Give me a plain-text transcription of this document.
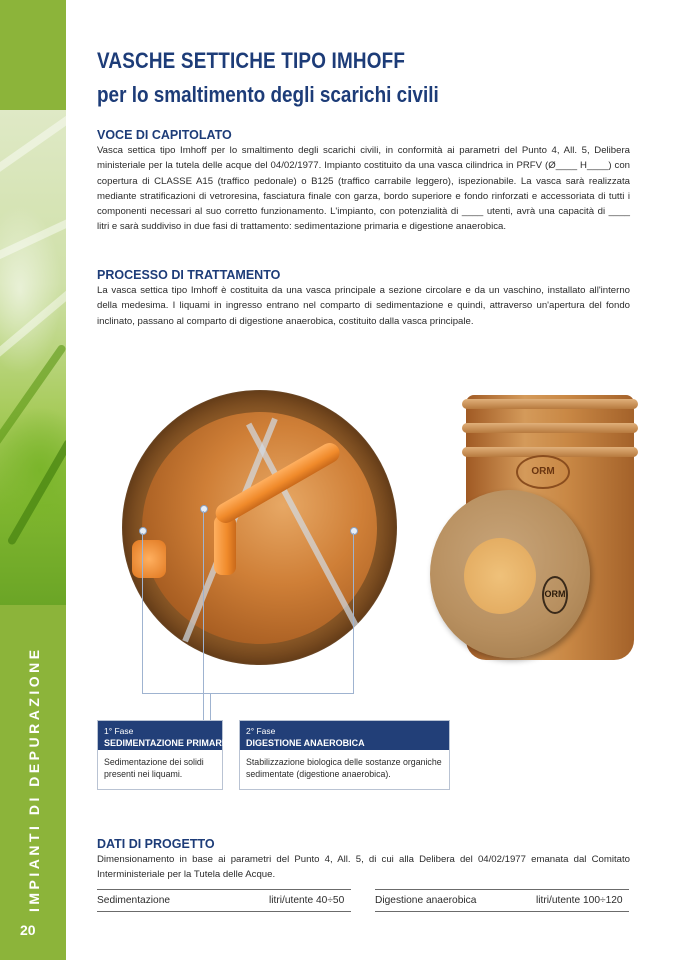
IMPIANTI DI DEPURAZIONE
20
VASCHE SETTICHE TIPO IMHOFF
per lo smaltimento degli scarichi civili
VOCE DI CAPITOLATO
Vasca settica tipo Imhoff per lo smaltimento degli scarichi civili, in conformità ai parametri del Punto 4, All. 5, Delibera ministeriale per la tutela delle acque del 04/02/1977. Impianto costituito da una vasca cilindrica in PRFV (Ø____ H____) con copertura di CLASSE A15 (traffico pedonale) o B125 (traffico carrabile leggero), ispezionabile. La vasca sarà realizzata mediante stratificazioni di vetroresina, fasciatura finale con garza, bordo superiore e fondo rinforzati e accessoriata di tutti i componenti necessari al suo corretto funzionamento. L'impianto, con potenzialità di ____ utenti, avrà una capacità di ____ litri e sarà suddiviso in due fasi di trattamento: sedimentazione primaria e digestione anaerobica.
PROCESSO DI TRATTAMENTO
La vasca settica tipo Imhoff è costituita da una vasca principale a sezione circolare e da un vaschino, installato all'interno della medesima. I liquami in ingresso entrano nel comparto di sedimentazione e quindi, attraverso un'apertura del fondo inclinato, passano al comparto di digestione anaerobica, costituito dalla vasca principale.
ORM
ORM
1° Fase
SEDIMENTAZIONE PRIMARIA
Sedimentazione dei solidi presenti nei liquami.
2° Fase
DIGESTIONE ANAEROBICA
Stabilizzazione biologica delle sostanze organiche sedimentate (digestione anaerobica).
DATI DI PROGETTO
Dimensionamento in base ai parametri del Punto 4, All. 5, di cui alla Delibera del 04/02/1977 emanata dal Comitato Interministeriale per la Tutela delle Acque.
Sedimentazione	litri/utente 40÷50	Digestione anaerobica	litri/utente 100÷120
